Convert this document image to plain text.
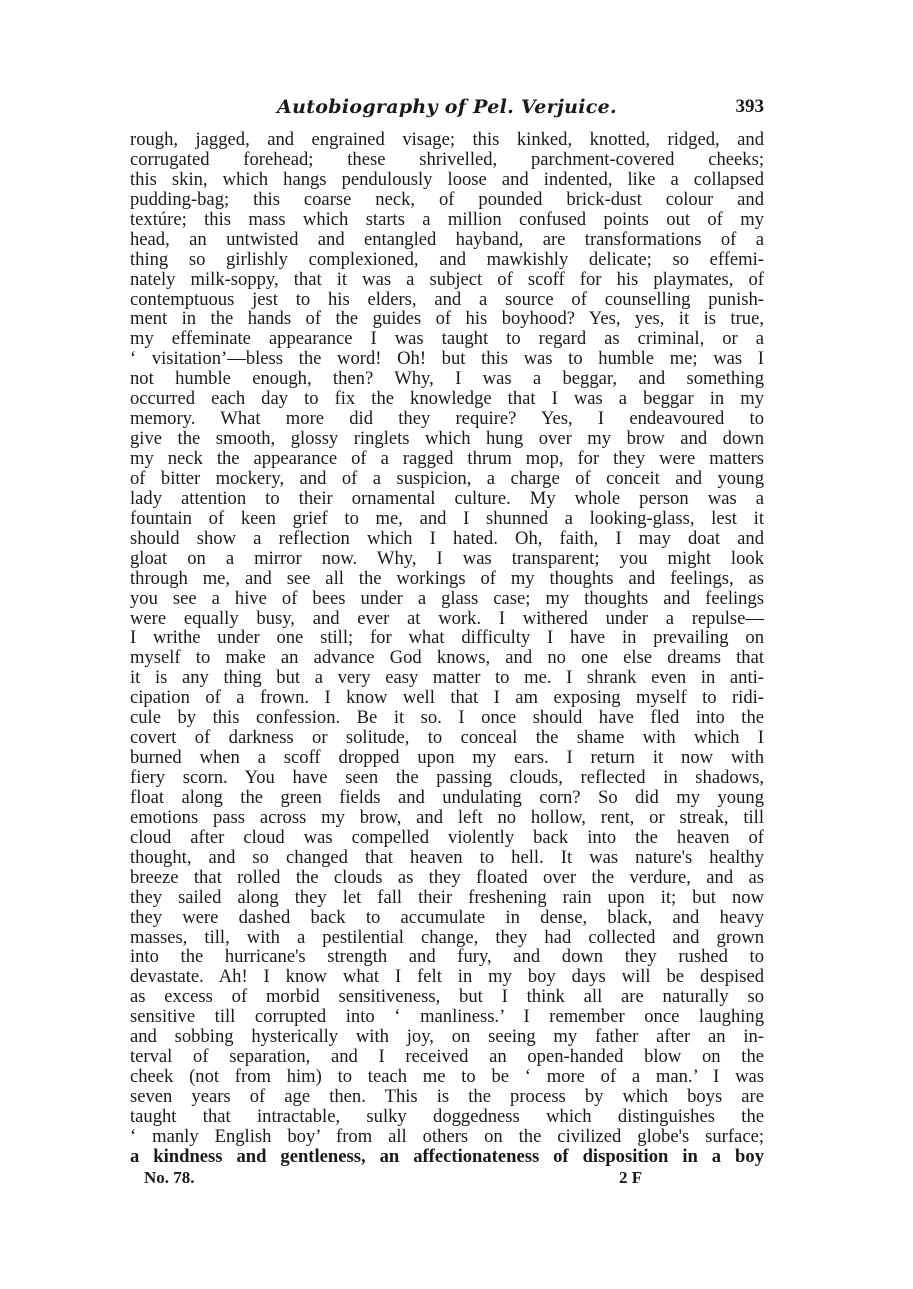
Autobiography of Pel. Verjuice.	393
rough, jagged, and engrained visage; this kinked, knotted, ridged, and
corrugated forehead; these shrivelled, parchment-covered cheeks;
this skin, which hangs pendulously loose and indented, like a collapsed
pudding-bag; this coarse neck, of pounded brick-dust colour and
textúre; this mass which starts a million confused points out of my
head, an untwisted and entangled hayband, are transformations of a
thing so girlishly complexioned, and mawkishly delicate; so effemi-
nately milk-soppy, that it was a subject of scoff for his playmates, of
contemptuous jest to his elders, and a source of counselling punish-
ment in the hands of the guides of his boyhood? Yes, yes, it is true,
my effeminate appearance I was taught to regard as criminal, or a
‘ visitation’—bless the word! Oh! but this was to humble me; was I
not humble enough, then? Why, I was a beggar, and something
occurred each day to fix the knowledge that I was a beggar in my
memory. What more did they require? Yes, I endeavoured to
give the smooth, glossy ringlets which hung over my brow and down
my neck the appearance of a ragged thrum mop, for they were matters
of bitter mockery, and of a suspicion, a charge of conceit and young
lady attention to their ornamental culture. My whole person was a
fountain of keen grief to me, and I shunned a looking-glass, lest it
should show a reflection which I hated. Oh, faith, I may doat and
gloat on a mirror now. Why, I was transparent; you might look
through me, and see all the workings of my thoughts and feelings, as
you see a hive of bees under a glass case; my thoughts and feelings
were equally busy, and ever at work. I withered under a repulse—
I writhe under one still; for what difficulty I have in prevailing on
myself to make an advance God knows, and no one else dreams that
it is any thing but a very easy matter to me. I shrank even in anti-
cipation of a frown. I know well that I am exposing myself to ridi-
cule by this confession. Be it so. I once should have fled into the
covert of darkness or solitude, to conceal the shame with which I
burned when a scoff dropped upon my ears. I return it now with
fiery scorn. You have seen the passing clouds, reflected in shadows,
float along the green fields and undulating corn? So did my young
emotions pass across my brow, and left no hollow, rent, or streak, till
cloud after cloud was compelled violently back into the heaven of
thought, and so changed that heaven to hell. It was nature's healthy
breeze that rolled the clouds as they floated over the verdure, and as
they sailed along they let fall their freshening rain upon it; but now
they were dashed back to accumulate in dense, black, and heavy
masses, till, with a pestilential change, they had collected and grown
into the hurricane's strength and fury, and down they rushed to
devastate. Ah! I know what I felt in my boy days will be despised
as excess of morbid sensitiveness, but I think all are naturally so
sensitive till corrupted into ‘ manliness.’ I remember once laughing
and sobbing hysterically with joy, on seeing my father after an in-
terval of separation, and I received an open-handed blow on the
cheek (not from him) to teach me to be ‘ more of a man.’ I was
seven years of age then. This is the process by which boys are
taught that intractable, sulky doggedness which distinguishes the
‘ manly English boy’ from all others on the civilized globe's surface;
a kindness and gentleness, an affectionateness of disposition in a boy
No. 78.	2 F
